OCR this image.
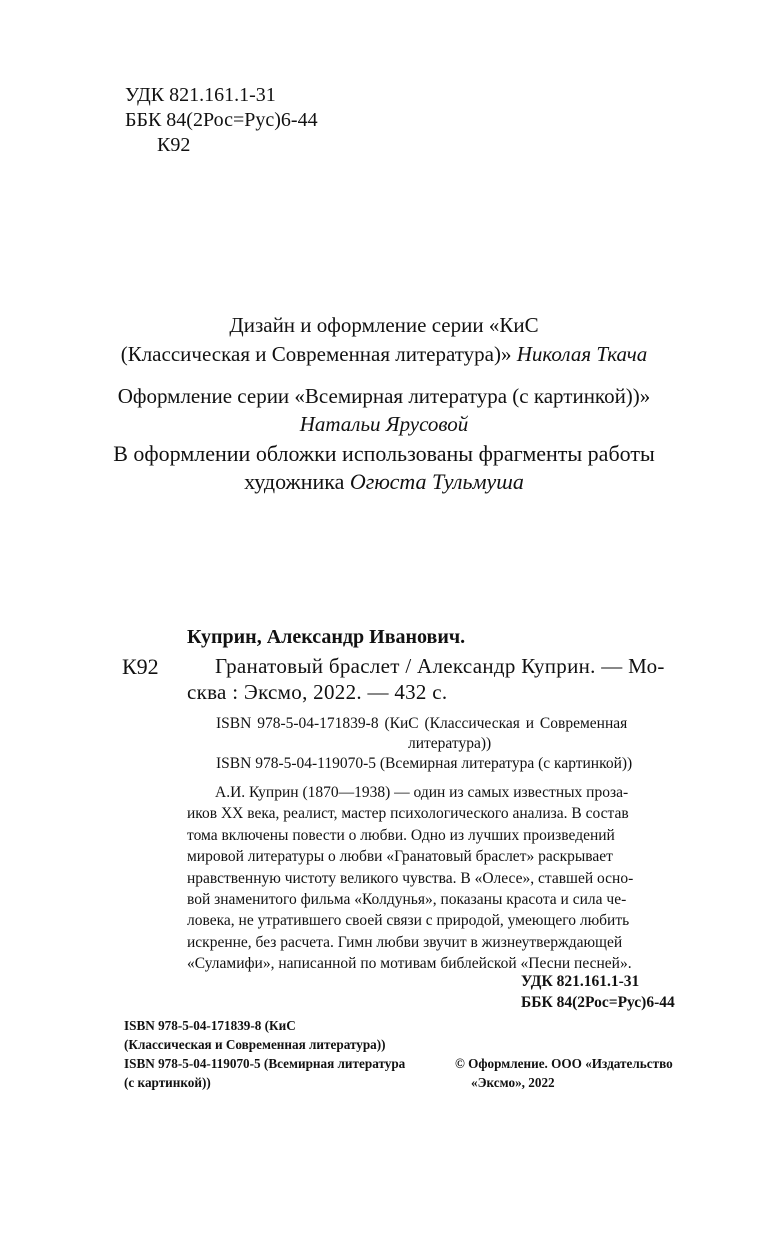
УДК 821.161.1-31
ББК 84(2Рос=Рус)6-44
К92
Дизайн и оформление серии «КиС
(Классическая и Современная литература)» Николая Ткача
Оформление серии «Всемирная литература (с картинкой))»
Натальи Ярусовой
В оформлении обложки использованы фрагменты работы
художника Огюста Тульмуша
Куприн, Александр Иванович.
К92	Гранатовый браслет / Александр Куприн. — Мо-
сква : Эксмо, 2022. — 432 с.
ISBN 978-5-04-171839-8 (КиС (Классическая и Современная
литература))
ISBN 978-5-04-119070-5 (Всемирная литература (с картинкой))

А.И. Куприн (1870—1938) — один из самых известных проза-

иков XX века, реалист, мастер психологического анализа. В состав

тома включены повести о любви. Одно из лучших произведений

мировой литературы о любви «Гранатовый браслет» раскрывает

нравственную чистоту великого чувства. В «Олесе», ставшей осно-

вой знаменитого фильма «Колдунья», показаны красота и сила че-

ловека, не утратившего своей связи с природой, умеющего любить

искренне, без расчета. Гимн любви звучит в жизнеутверждающей

«Суламифи», написанной по мотивам библейской «Песни песней».

УДК 821.161.1-31
ББК 84(2Рос=Рус)6-44
ISBN 978-5-04-171839-8 (КиС
(Классическая и Современная литература))
ISBN 978-5-04-119070-5 (Всемирная литература
(с картинкой))
© Оформление. ООО «Издательство
«Эксмо», 2022
